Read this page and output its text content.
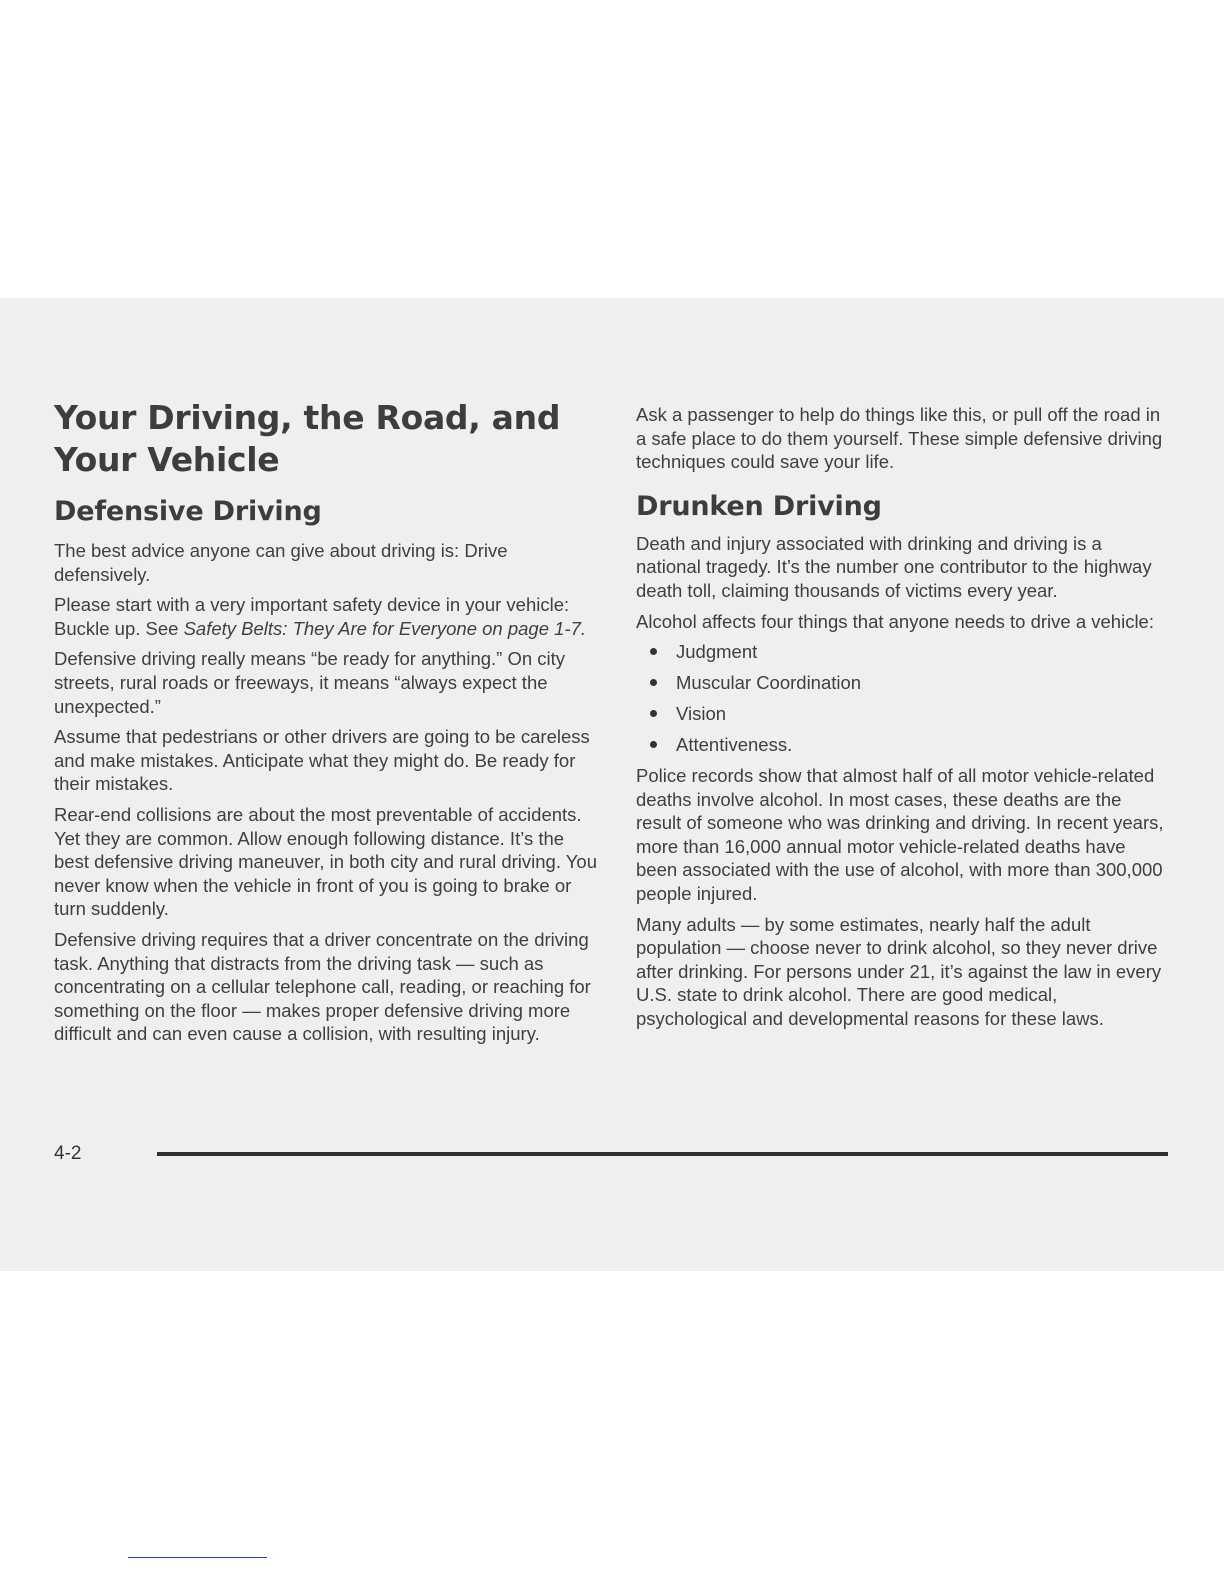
Your Driving, the Road, and Your Vehicle
Defensive Driving

The best advice anyone can give about driving is: Drive defensively.

Please start with a very important safety device in your vehicle: Buckle up. See Safety Belts: They Are for Everyone on page 1-7.

Defensive driving really means “be ready for anything.” On city streets, rural roads or freeways, it means “always expect the unexpected.”

Assume that pedestrians or other drivers are going to be careless and make mistakes. Anticipate what they might do. Be ready for their mistakes.

Rear-end collisions are about the most preventable of accidents. Yet they are common. Allow enough following distance. It’s the best defensive driving maneuver, in both city and rural driving. You never know when the vehicle in front of you is going to brake or turn suddenly.

Defensive driving requires that a driver concentrate on the driving task. Anything that distracts from the driving task — such as concentrating on a cellular telephone call, reading, or reaching for something on the floor — makes proper defensive driving more difficult and can even cause a collision, with resulting injury.

Ask a passenger to help do things like this, or pull off the road in a safe place to do them yourself. These simple defensive driving techniques could save your life.

Drunken Driving

Death and injury associated with drinking and driving is a national tragedy. It’s the number one contributor to the highway death toll, claiming thousands of victims every year.

Alcohol affects four things that anyone needs to drive a vehicle:

Judgment
Muscular Coordination
Vision
Attentiveness.

Police records show that almost half of all motor vehicle-related deaths involve alcohol. In most cases, these deaths are the result of someone who was drinking and driving. In recent years, more than 16,000 annual motor vehicle-related deaths have been associated with the use of alcohol, with more than 300,000 people injured.

Many adults — by some estimates, nearly half the adult population — choose never to drink alcohol, so they never drive after drinking. For persons under 21, it’s against the law in every U.S. state to drink alcohol. There are good medical, psychological and developmental reasons for these laws.

4-2
